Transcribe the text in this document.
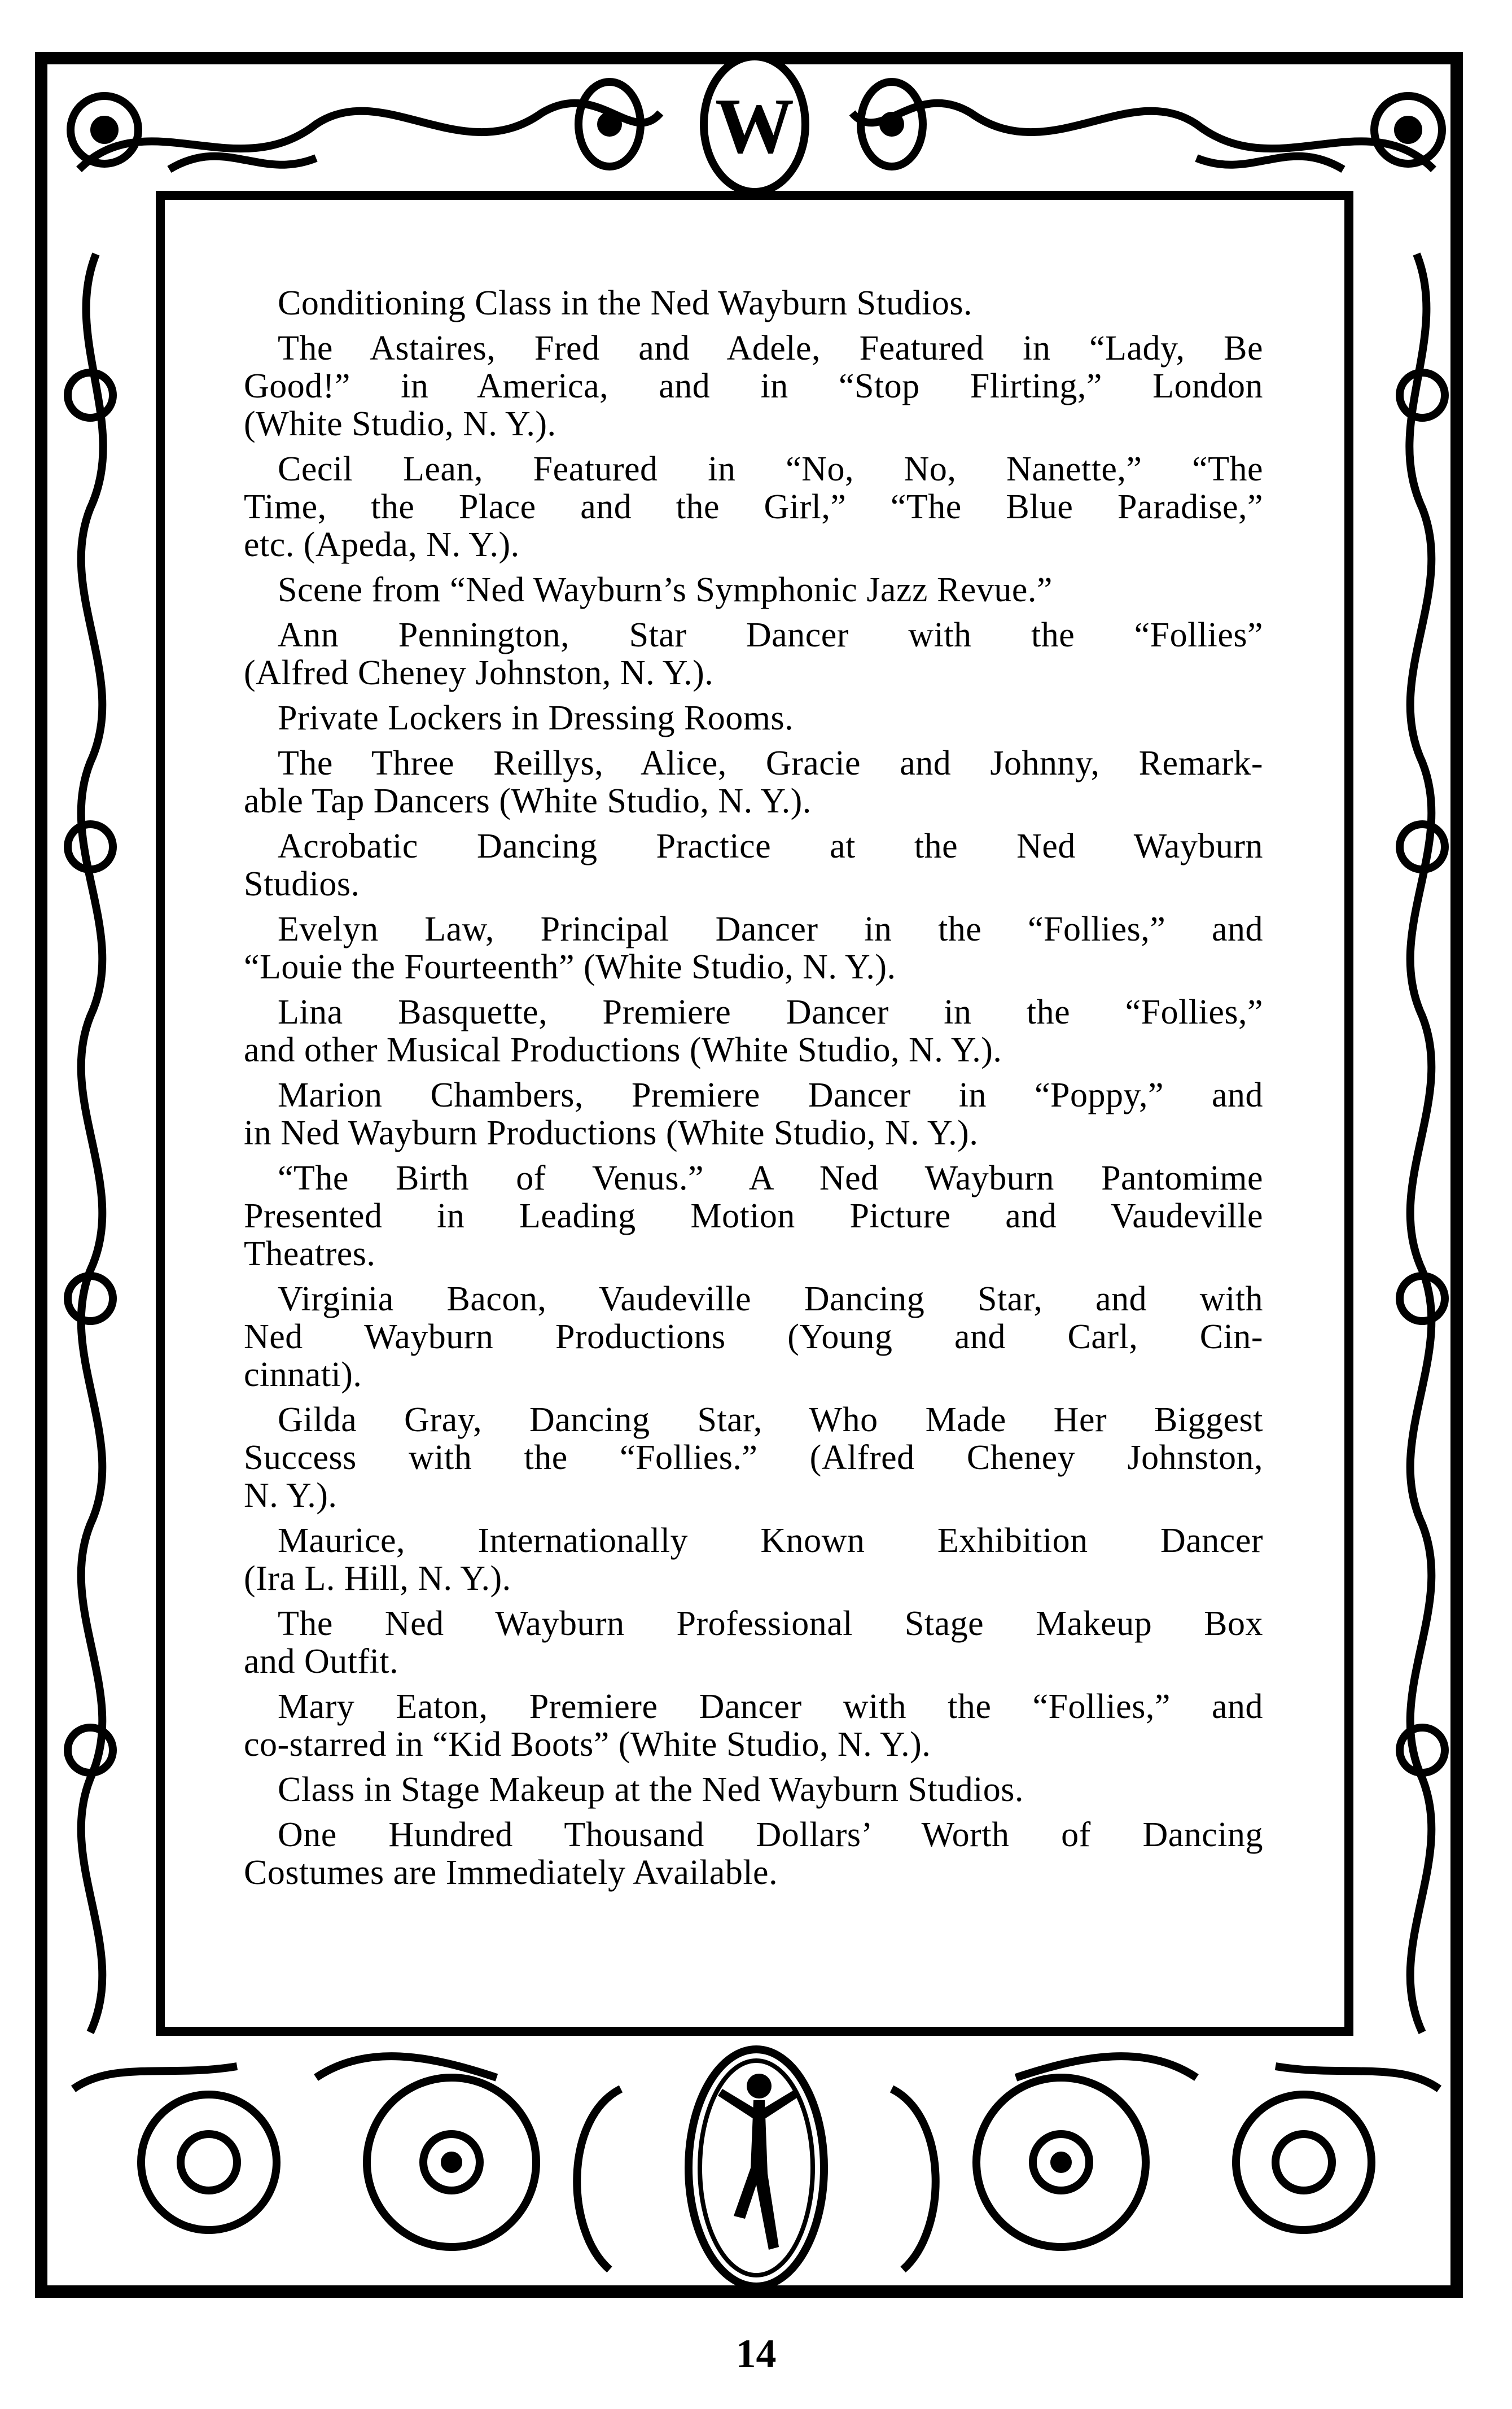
W
Conditioning Class in the Ned Wayburn Studios.
The Astaires, Fred and Adele, Featured in “Lady, Be
Good!” in America, and in “Stop Flirting,” London
(White Studio, N. Y.).
Cecil Lean, Featured in “No, No, Nanette,” “The
Time, the Place and the Girl,” “The Blue Paradise,”
etc. (Apeda, N. Y.).
Scene from “Ned Wayburn’s Symphonic Jazz Revue.”
Ann Pennington, Star Dancer with the “Follies”
(Alfred Cheney Johnston, N. Y.).
Private Lockers in Dressing Rooms.
The Three Reillys, Alice, Gracie and Johnny, Remark-
able Tap Dancers (White Studio, N. Y.).
Acrobatic Dancing Practice at the Ned Wayburn
Studios.
Evelyn Law, Principal Dancer in the “Follies,” and
“Louie the Fourteenth” (White Studio, N. Y.).
Lina Basquette, Premiere Dancer in the “Follies,”
and other Musical Productions (White Studio, N. Y.).
Marion Chambers, Premiere Dancer in “Poppy,” and
in Ned Wayburn Productions (White Studio, N. Y.).
“The Birth of Venus.” A Ned Wayburn Pantomime
Presented in Leading Motion Picture and Vaudeville
Theatres.
Virginia Bacon, Vaudeville Dancing Star, and with
Ned Wayburn Productions (Young and Carl, Cin-
cinnati).
Gilda Gray, Dancing Star, Who Made Her Biggest
Success with the “Follies.” (Alfred Cheney Johnston,
N. Y.).
Maurice, Internationally Known Exhibition Dancer
(Ira L. Hill, N. Y.).
The Ned Wayburn Professional Stage Makeup Box
and Outfit.
Mary Eaton, Premiere Dancer with the “Follies,” and
co-starred in “Kid Boots” (White Studio, N. Y.).
Class in Stage Makeup at the Ned Wayburn Studios.
One Hundred Thousand Dollars’ Worth of Dancing
Costumes are Immediately Available.
14
